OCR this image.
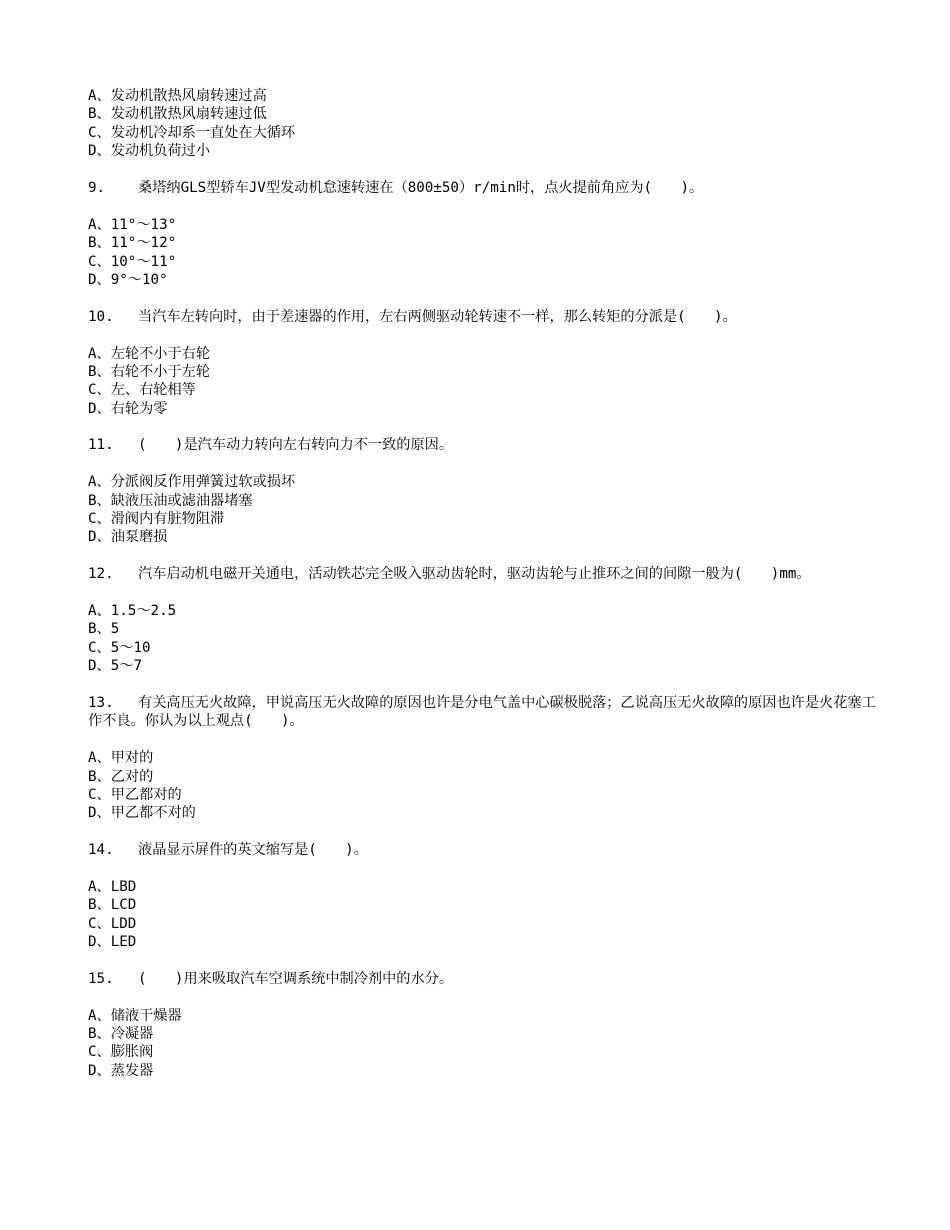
A、发动机散热风扇转速过高
B、发动机散热风扇转速过低
C、发动机冷却系一直处在大循环
D、发动机负荷过小
9.	桑塔纳GLS型轿车JV型发动机怠速转速在（800±50）r/min时，点火提前角应为(　　)。
A、11°～13°
B、11°～12°
C、10°～11°
D、9°～10°
10.	当汽车左转向时，由于差速器的作用，左右两侧驱动轮转速不一样，那么转矩的分派是(　　)。
A、左轮不小于右轮
B、右轮不小于左轮
C、左、右轮相等
D、右轮为零
11.	(　　)是汽车动力转向左右转向力不一致的原因。
A、分派阀反作用弹簧过软或损坏
B、缺液压油或滤油器堵塞
C、滑阀内有脏物阻滞
D、油泵磨损
12.	汽车启动机电磁开关通电，活动铁芯完全吸入驱动齿轮时，驱动齿轮与止推环之间的间隙一般为(　　)mm。
A、1.5～2.5
B、5
C、5～10
D、5～7
13.	有关高压无火故障，甲说高压无火故障的原因也许是分电气盖中心碳极脱落；乙说高压无火故障的原因也许是火花塞工
作不良。你认为以上观点(　　)。
A、甲对的
B、乙对的
C、甲乙都对的
D、甲乙都不对的
14.	液晶显示屏件的英文缩写是(　　)。
A、LBD
B、LCD
C、LDD
D、LED
15.	(　　)用来吸取汽车空调系统中制冷剂中的水分。
A、储液干燥器
B、冷凝器
C、膨胀阀
D、蒸发器
